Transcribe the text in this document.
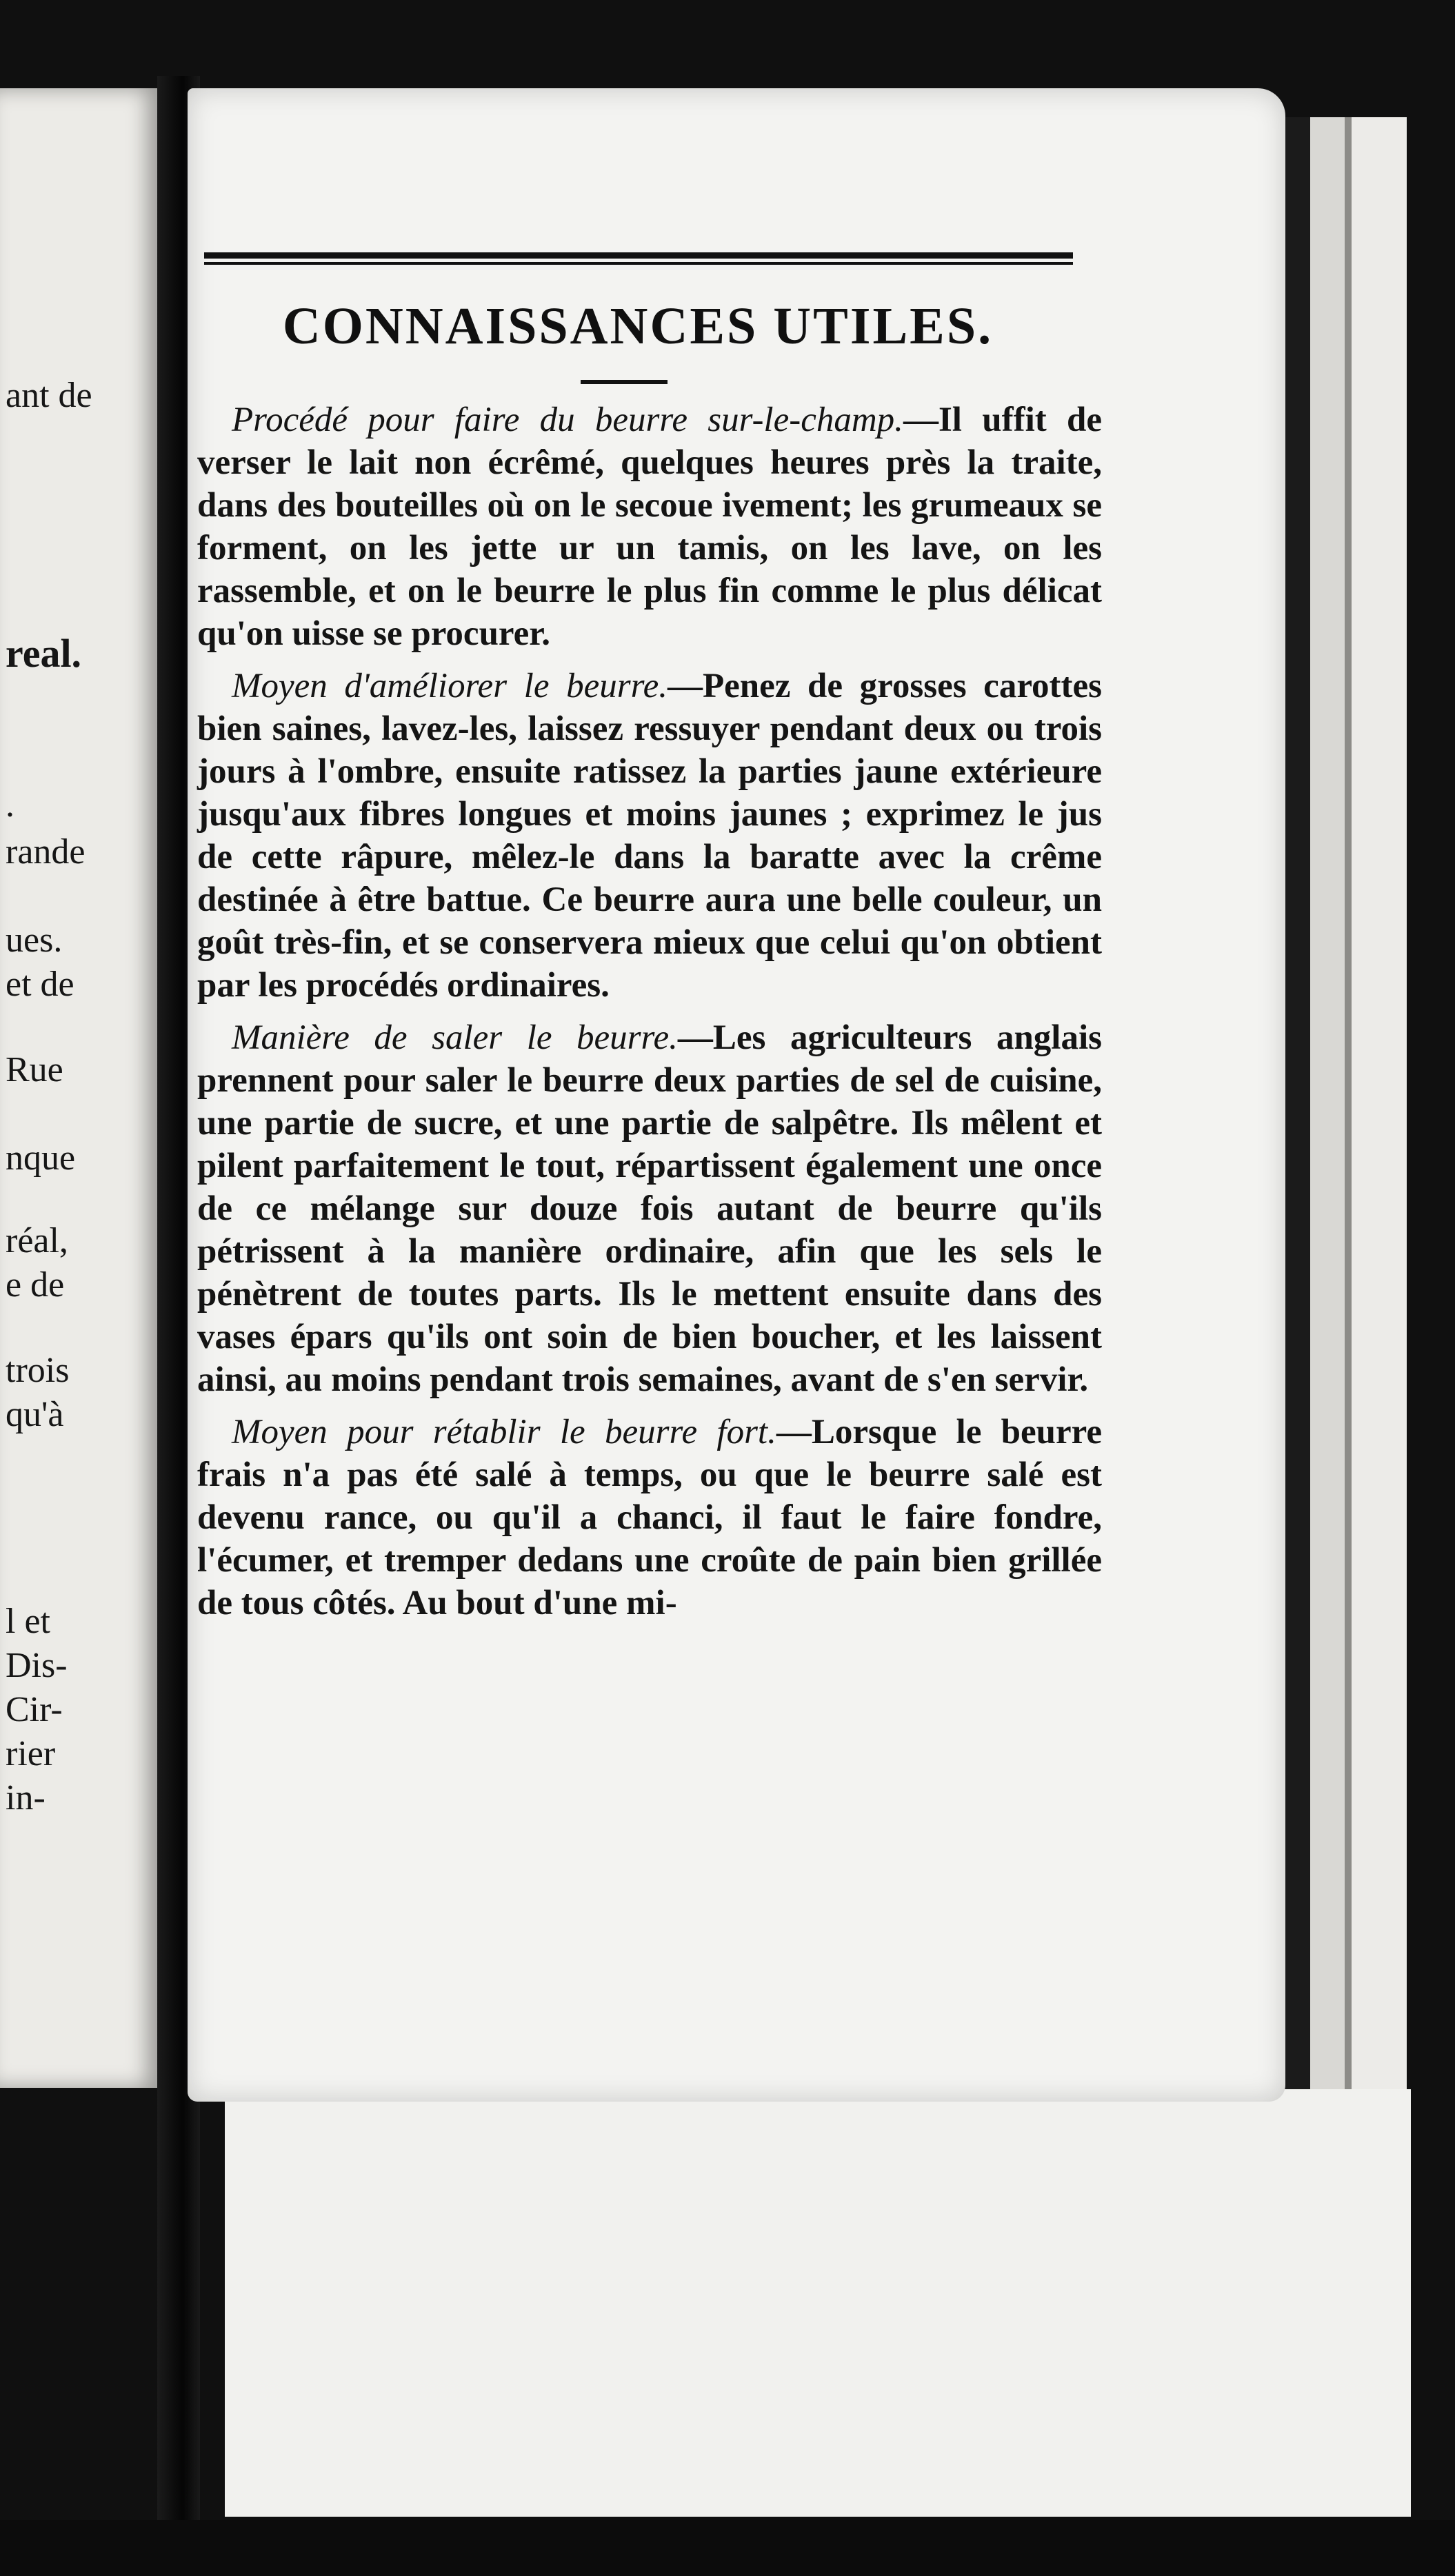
ant de
real.
.
rande
ues.
et de
Rue
nque
réal,
e de
trois
qu'à
l et
Dis-
Cir-
rier
in-
CONNAISSANCES UTILES.

Procédé pour faire du beurre sur-le-champ.—Il uffit de verser le lait non écrêmé, quelques heures près la traite, dans des bouteilles où on le secoue ivement; les grumeaux se forment, on les jette ur un tamis, on les lave, on les rassemble, et on le beurre le plus fin comme le plus délicat qu'on uisse se procurer.

Moyen d'améliorer le beurre.—Penez de grosses carottes bien saines, lavez-les, laissez ressuyer pendant deux ou trois jours à l'ombre, ensuite ratissez la parties jaune extérieure jusqu'aux fibres longues et moins jaunes ; exprimez le jus de cette râpure, mêlez-le dans la baratte avec la crême destinée à être battue. Ce beurre aura une belle couleur, un goût très-fin, et se conservera mieux que celui qu'on obtient par les procédés ordinaires.

Manière de saler le beurre.—Les agriculteurs anglais prennent pour saler le beurre deux parties de sel de cuisine, une partie de sucre, et une partie de salpêtre. Ils mêlent et pilent parfaitement le tout, répartissent également une once de ce mélange sur douze fois autant de beurre qu'ils pétrissent à la manière ordinaire, afin que les sels le pénètrent de toutes parts. Ils le mettent ensuite dans des vases épars qu'ils ont soin de bien boucher, et les laissent ainsi, au moins pendant trois semaines, avant de s'en servir.

Moyen pour rétablir le beurre fort.—Lorsque le beurre frais n'a pas été salé à temps, ou que le beurre salé est devenu rance, ou qu'il a chanci, il faut le faire fondre, l'écumer, et tremper dedans une croûte de pain bien grillée de tous côtés. Au bout d'une mi-
